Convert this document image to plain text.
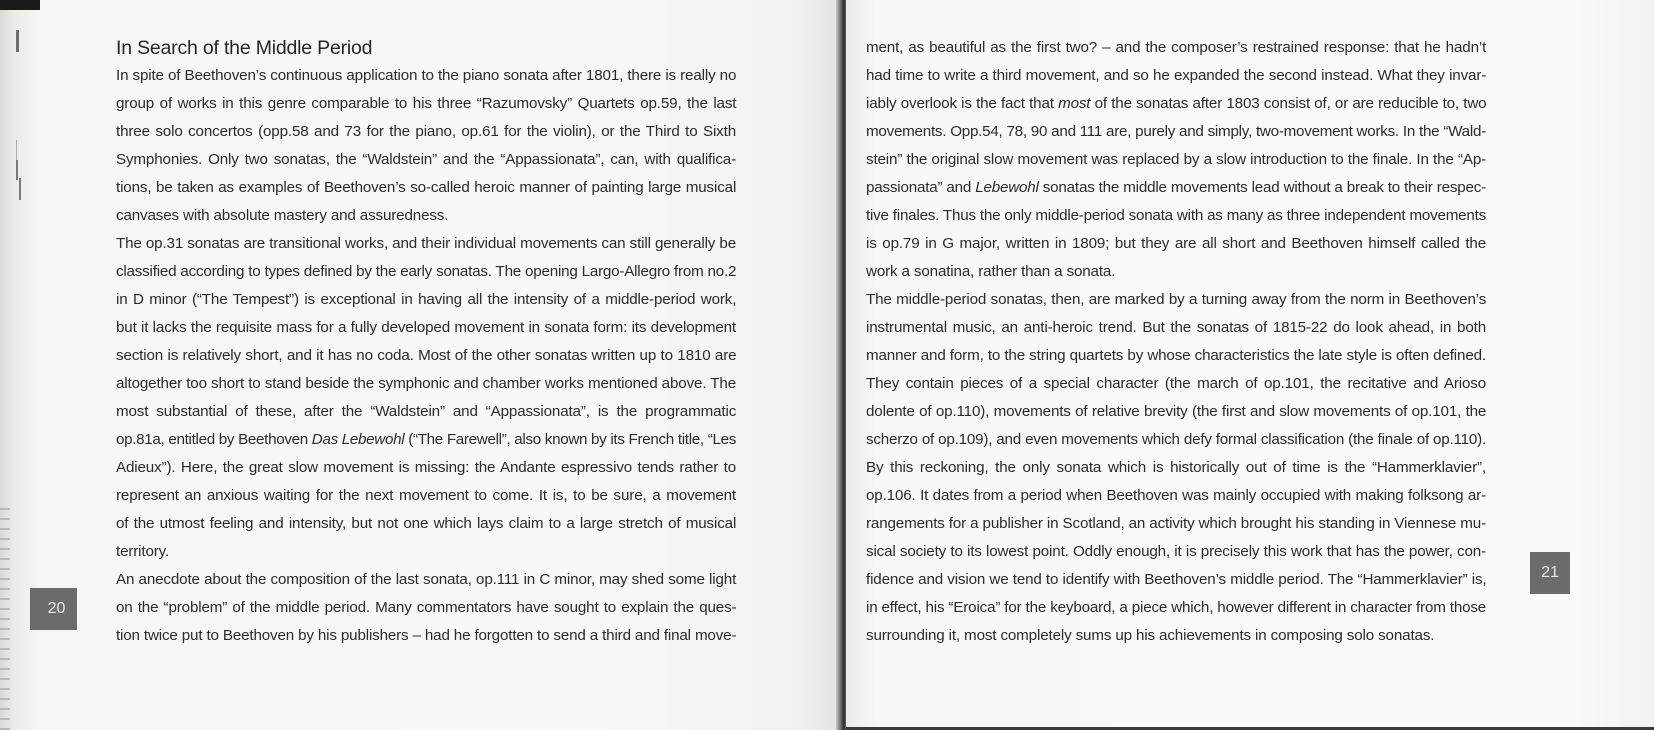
In Search of the Middle Period
In spite of Beethoven’s continuous application to the piano sonata after 1801, there is really no
group of works in this genre comparable to his three “Razumovsky” Quartets op.59, the last
three solo concertos (opp.58 and 73 for the piano, op.61 for the violin), or the Third to Sixth
Symphonies. Only two sonatas, the “Waldstein” and the “Appassionata”, can, with qualifica-
tions, be taken as examples of Beethoven’s so-called heroic manner of painting large musical
canvases with absolute mastery and assuredness.
The op.31 sonatas are transitional works, and their individual movements can still generally be
classified according to types defined by the early sonatas. The opening Largo-Allegro from no.2
in D minor (“The Tempest”) is exceptional in having all the intensity of a middle-period work,
but it lacks the requisite mass for a fully developed movement in sonata form: its development
section is relatively short, and it has no coda. Most of the other sonatas written up to 1810 are
altogether too short to stand beside the symphonic and chamber works mentioned above. The
most substantial of these, after the “Waldstein” and “Appassionata”, is the programmatic
op.81a, entitled by Beethoven Das Lebewohl (“The Farewell”, also known by its French title, “Les
Adieux”). Here, the great slow movement is missing: the Andante espressivo tends rather to
represent an anxious waiting for the next movement to come. It is, to be sure, a movement
of the utmost feeling and intensity, but not one which lays claim to a large stretch of musical
territory.
An anecdote about the composition of the last sonata, op.111 in C minor, may shed some light
on the “problem” of the middle period. Many commentators have sought to explain the ques-
tion twice put to Beethoven by his publishers – had he forgotten to send a third and final move-
20
ment, as beautiful as the first two? – and the composer’s restrained response: that he hadn’t
had time to write a third movement, and so he expanded the second instead. What they invar-
iably overlook is the fact that most of the sonatas after 1803 consist of, or are reducible to, two
movements. Opp.54, 78, 90 and 111 are, purely and simply, two-movement works. In the “Wald-
stein” the original slow movement was replaced by a slow introduction to the finale. In the “Ap-
passionata” and Lebewohl sonatas the middle movements lead without a break to their respec-
tive finales. Thus the only middle-period sonata with as many as three independent movements
is op.79 in G major, written in 1809; but they are all short and Beethoven himself called the
work a sonatina, rather than a sonata.
The middle-period sonatas, then, are marked by a turning away from the norm in Beethoven’s
instrumental music, an anti-heroic trend. But the sonatas of 1815-22 do look ahead, in both
manner and form, to the string quartets by whose characteristics the late style is often defined.
They contain pieces of a special character (the march of op.101, the recitative and Arioso
dolente of op.110), movements of relative brevity (the first and slow movements of op.101, the
scherzo of op.109), and even movements which defy formal classification (the finale of op.110).
By this reckoning, the only sonata which is historically out of time is the “Hammerklavier”,
op.106. It dates from a period when Beethoven was mainly occupied with making folksong ar-
rangements for a publisher in Scotland, an activity which brought his standing in Viennese mu-
sical society to its lowest point. Oddly enough, it is precisely this work that has the power, con-
fidence and vision we tend to identify with Beethoven’s middle period. The “Hammerklavier” is,
in effect, his “Eroica” for the keyboard, a piece which, however different in character from those
surrounding it, most completely sums up his achievements in composing solo sonatas.
21
